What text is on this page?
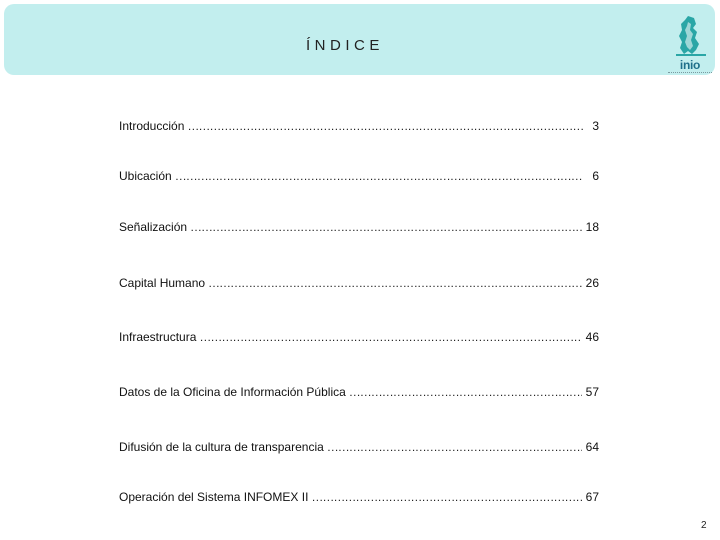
ÍNDICE
inio
Introducción …………………………………………………………………………………………………………………………………………………………………	3
Ubicación …………………………………………………………………………………………………………………………………………………………………	6
Señalización …………………………………………………………………………………………………………………………………………………………………	18
Capital Humano …………………………………………………………………………………………………………………………………………………………………	26
Infraestructura …………………………………………………………………………………………………………………………………………………………………	46
Datos de la Oficina de Información Pública …………………………………………………………………………………………………………………………………………………………………	57
Difusión de la cultura de transparencia …………………………………………………………………………………………………………………………………………………………………	64
Operación del Sistema INFOMEX II …………………………………………………………………………………………………………………………………………………………………	67
2
